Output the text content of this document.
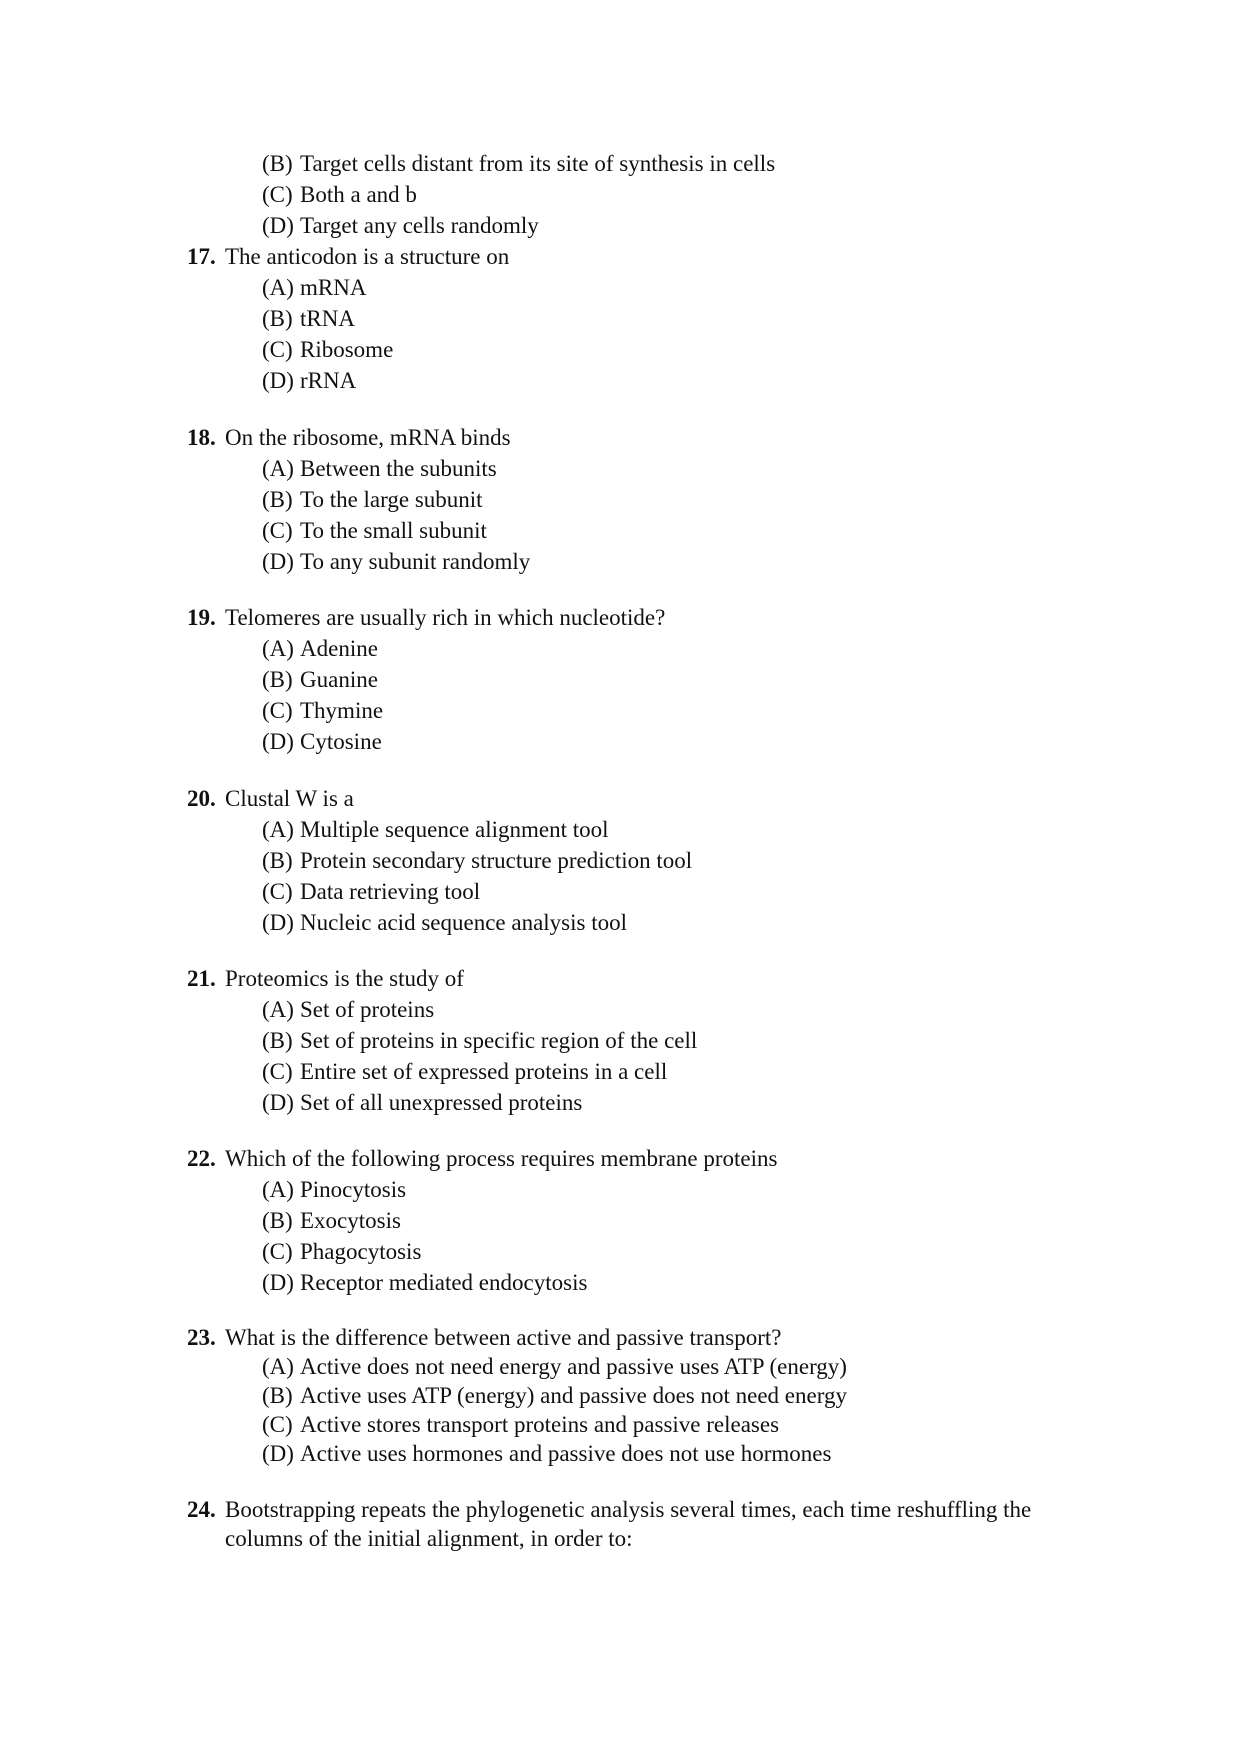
(B) Target cells distant from its site of synthesis in cells
(C) Both a and b
(D) Target any cells randomly
17. The anticodon is a structure on
(A) mRNA
(B) tRNA
(C) Ribosome
(D) rRNA
18. On the ribosome, mRNA binds
(A) Between the subunits
(B) To the large subunit
(C) To the small subunit
(D) To any subunit randomly
19. Telomeres are usually rich in which nucleotide?
(A) Adenine
(B) Guanine
(C) Thymine
(D) Cytosine
20. Clustal W is a
(A) Multiple sequence alignment tool
(B) Protein secondary structure prediction tool
(C) Data retrieving tool
(D) Nucleic acid sequence analysis tool
21. Proteomics is the study of
(A) Set of proteins
(B) Set of proteins in specific region of the cell
(C) Entire set of expressed proteins in a cell
(D) Set of all unexpressed proteins
22. Which of the following process requires membrane proteins
(A) Pinocytosis
(B) Exocytosis
(C) Phagocytosis
(D) Receptor mediated endocytosis
23. What is the difference between active and passive transport?
(A) Active does not need energy and passive uses ATP (energy)
(B) Active uses ATP (energy) and passive does not need energy
(C) Active stores transport proteins and passive releases
(D) Active uses hormones and passive does not use hormones
24. Bootstrapping repeats the phylogenetic analysis several times, each time reshuffling the columns of the initial alignment, in order to:
